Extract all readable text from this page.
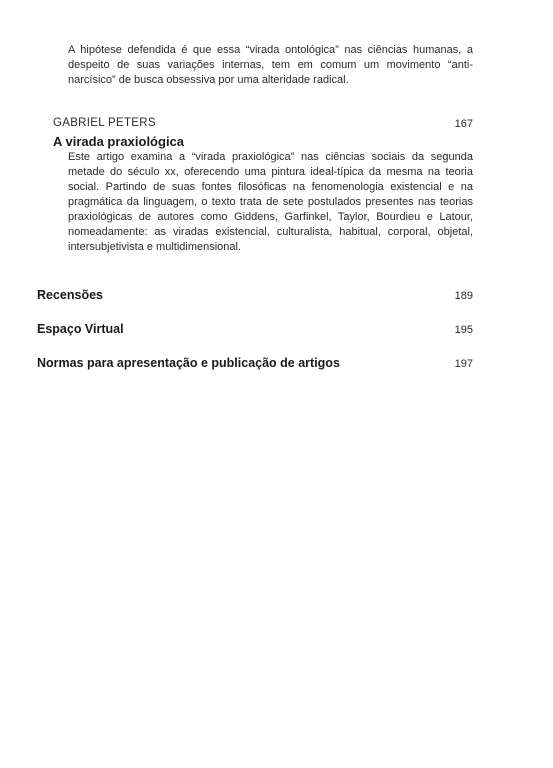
A hipótese defendida é que essa “virada ontológica” nas ciências humanas, a despeito de suas variações internas, tem em comum um movimento “anti-narcísico” de busca obsessiva por uma alteridade radical.

GABRIEL PETERS	167
A virada praxiológica

Este artigo examina a “virada praxiológica” nas ciências sociais da segunda metade do século xx, oferecendo uma pintura ideal-típica da mesma na teoria social. Partindo de suas fontes filosóficas na fenomenologia existencial e na pragmática da linguagem, o texto trata de sete postulados presentes nas teorias praxiológicas de autores como Giddens, Garfinkel, Taylor, Bourdieu e Latour, nomeadamente: as viradas existencial, culturalista, habitual, corporal, objetal, intersubjetivista e multidimensional.

Recensões	189
Espaço Virtual	195
Normas para apresentação e publicação de artigos	197
